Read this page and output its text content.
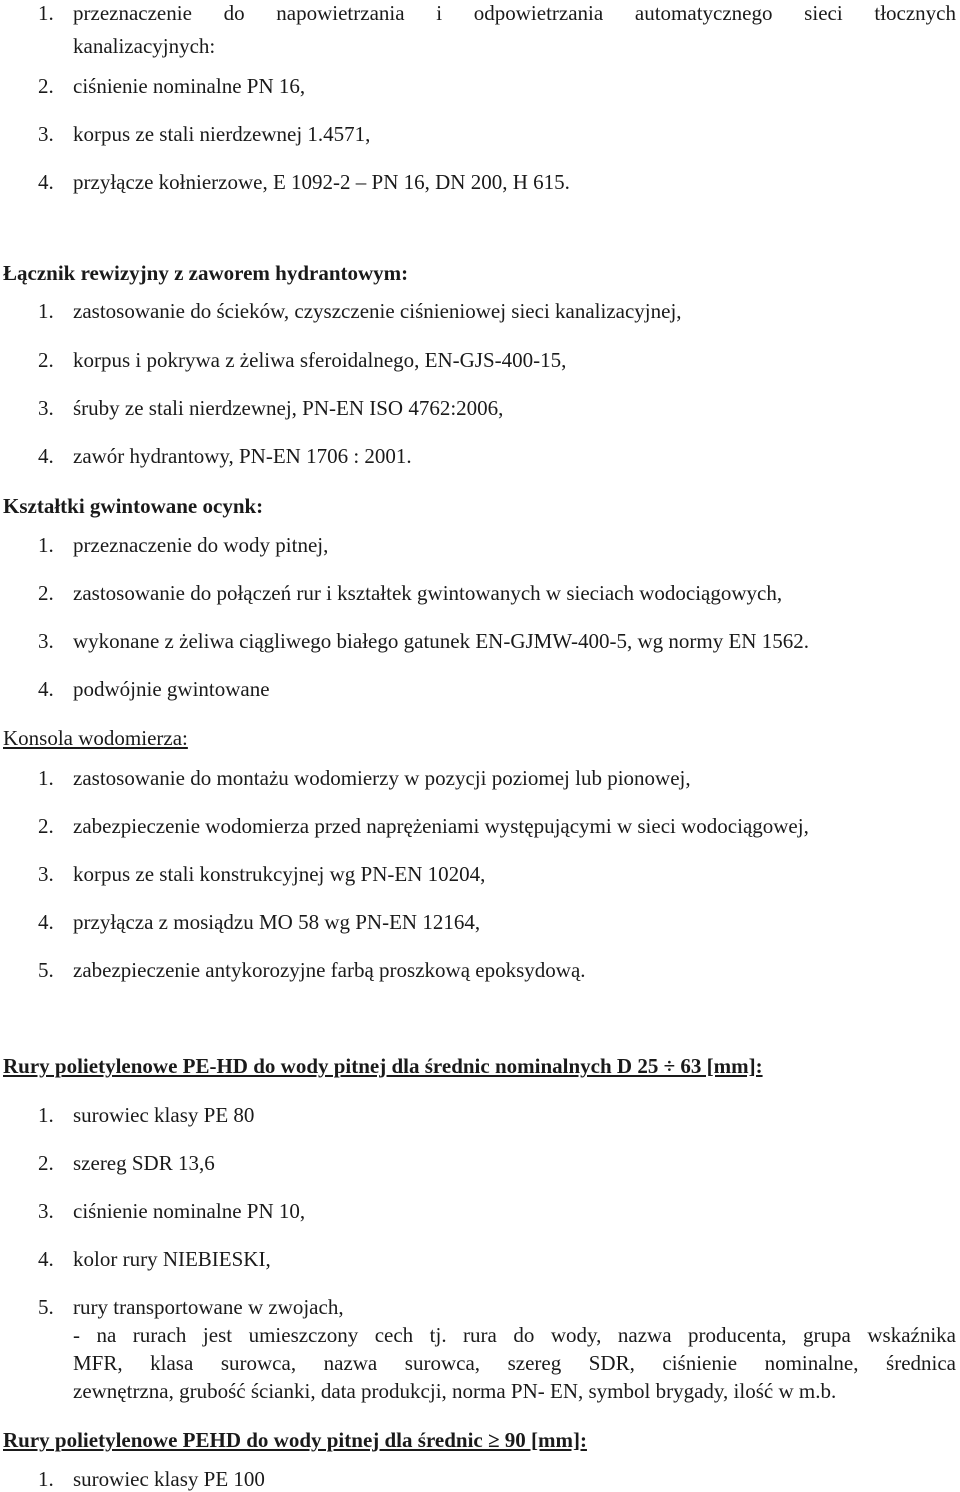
1. przeznaczenie do napowietrzania i odpowietrzania automatycznego sieci tłocznych
kanalizacyjnych:
2. ciśnienie nominalne PN 16,
3. korpus ze stali nierdzewnej 1.4571,
4. przyłącze kołnierzowe, E 1092-2 – PN 16, DN 200, H 615.
Łącznik rewizyjny z zaworem hydrantowym:
1. zastosowanie do ścieków, czyszczenie ciśnieniowej sieci kanalizacyjnej,
2. korpus i pokrywa z żeliwa sferoidalnego, EN-GJS-400-15,
3. śruby ze stali nierdzewnej, PN-EN ISO 4762:2006,
4. zawór hydrantowy, PN-EN 1706 : 2001.
Kształtki gwintowane ocynk:
1. przeznaczenie do wody pitnej,
2. zastosowanie do połączeń rur i kształtek gwintowanych w sieciach wodociągowych,
3. wykonane z żeliwa ciągliwego białego gatunek EN-GJMW-400-5, wg normy EN 1562.
4. podwójnie gwintowane
Konsola wodomierza:
1. zastosowanie do montażu wodomierzy w pozycji poziomej lub pionowej,
2. zabezpieczenie wodomierza przed naprężeniami występującymi w sieci wodociągowej,
3. korpus ze stali konstrukcyjnej wg PN-EN 10204,
4. przyłącza z mosiądzu MO 58 wg PN-EN 12164,
5. zabezpieczenie antykorozyjne farbą proszkową epoksydową.
Rury polietylenowe PE-HD do wody pitnej dla średnic nominalnych D 25 ÷ 63 [mm]:
1. surowiec klasy PE 80
2. szereg SDR 13,6
3. ciśnienie nominalne PN 10,
4. kolor rury NIEBIESKI,
5. rury transportowane w zwojach,
- na rurach jest umieszczony cech tj. rura do wody, nazwa producenta, grupa wskaźnika
MFR, klasa surowca, nazwa surowca, szereg SDR, ciśnienie nominalne, średnica
zewnętrzna, grubość ścianki, data produkcji, norma PN- EN, symbol brygady, ilość w m.b.
Rury polietylenowe PEHD do wody pitnej dla średnic ≥ 90 [mm]:
1. surowiec klasy PE 100
